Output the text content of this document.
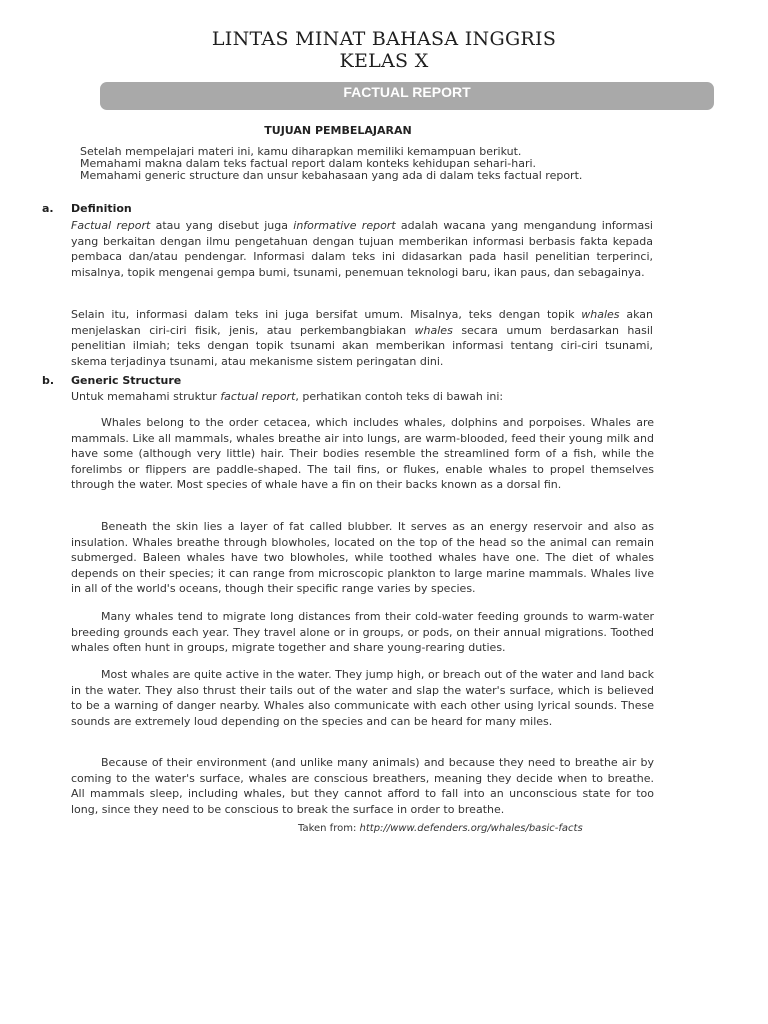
LINTAS MINAT BAHASA INGGRIS
KELAS X
FACTUAL REPORT
TUJUAN PEMBELAJARAN
Setelah mempelajari materi ini, kamu diharapkan memiliki kemampuan berikut.
Memahami makna dalam teks factual report dalam konteks kehidupan sehari-hari.
Memahami generic structure dan unsur kebahasaan yang ada di dalam teks factual report.
a. Definition

Factual report atau yang disebut juga informative report adalah wacana yang mengandung informasi yang berkaitan dengan ilmu pengetahuan dengan tujuan memberikan informasi berbasis fakta kepada pembaca dan/atau pendengar. Informasi dalam teks ini didasarkan pada hasil penelitian terperinci, misalnya, topik mengenai gempa bumi, tsunami, penemuan teknologi baru, ikan paus, dan sebagainya.

Selain itu, informasi dalam teks ini juga bersifat umum. Misalnya, teks dengan topik whales akan menjelaskan ciri-ciri fisik, jenis, atau perkembangbiakan whales secara umum berdasarkan hasil penelitian ilmiah; teks dengan topik tsunami akan memberikan informasi tentang ciri-ciri tsunami, skema terjadinya tsunami, atau mekanisme sistem peringatan dini.

b. Generic Structure

Untuk memahami struktur factual report, perhatikan contoh teks di bawah ini:

Whales belong to the order cetacea, which includes whales, dolphins and porpoises. Whales are mammals. Like all mammals, whales breathe air into lungs, are warm-blooded, feed their young milk and have some (although very little) hair. Their bodies resemble the streamlined form of a fish, while the forelimbs or flippers are paddle-shaped. The tail fins, or flukes, enable whales to propel themselves through the water. Most species of whale have a fin on their backs known as a dorsal fin.

Beneath the skin lies a layer of fat called blubber. It serves as an energy reservoir and also as insulation. Whales breathe through blowholes, located on the top of the head so the animal can remain submerged. Baleen whales have two blowholes, while toothed whales have one. The diet of whales depends on their species; it can range from microscopic plankton to large marine mammals. Whales live in all of the world's oceans, though their specific range varies by species.

Many whales tend to migrate long distances from their cold-water feeding grounds to warm-water breeding grounds each year. They travel alone or in groups, or pods, on their annual migrations. Toothed whales often hunt in groups, migrate together and share young-rearing duties.

Most whales are quite active in the water. They jump high, or breach out of the water and land back in the water. They also thrust their tails out of the water and slap the water's surface, which is believed to be a warning of danger nearby. Whales also communicate with each other using lyrical sounds. These sounds are extremely loud depending on the species and can be heard for many miles.

Because of their environment (and unlike many animals) and because they need to breathe air by coming to the water's surface, whales are conscious breathers, meaning they decide when to breathe. All mammals sleep, including whales, but they cannot afford to fall into an unconscious state for too long, since they need to be conscious to break the surface in order to breathe.

Taken from: http://www.defenders.org/whales/basic-facts
